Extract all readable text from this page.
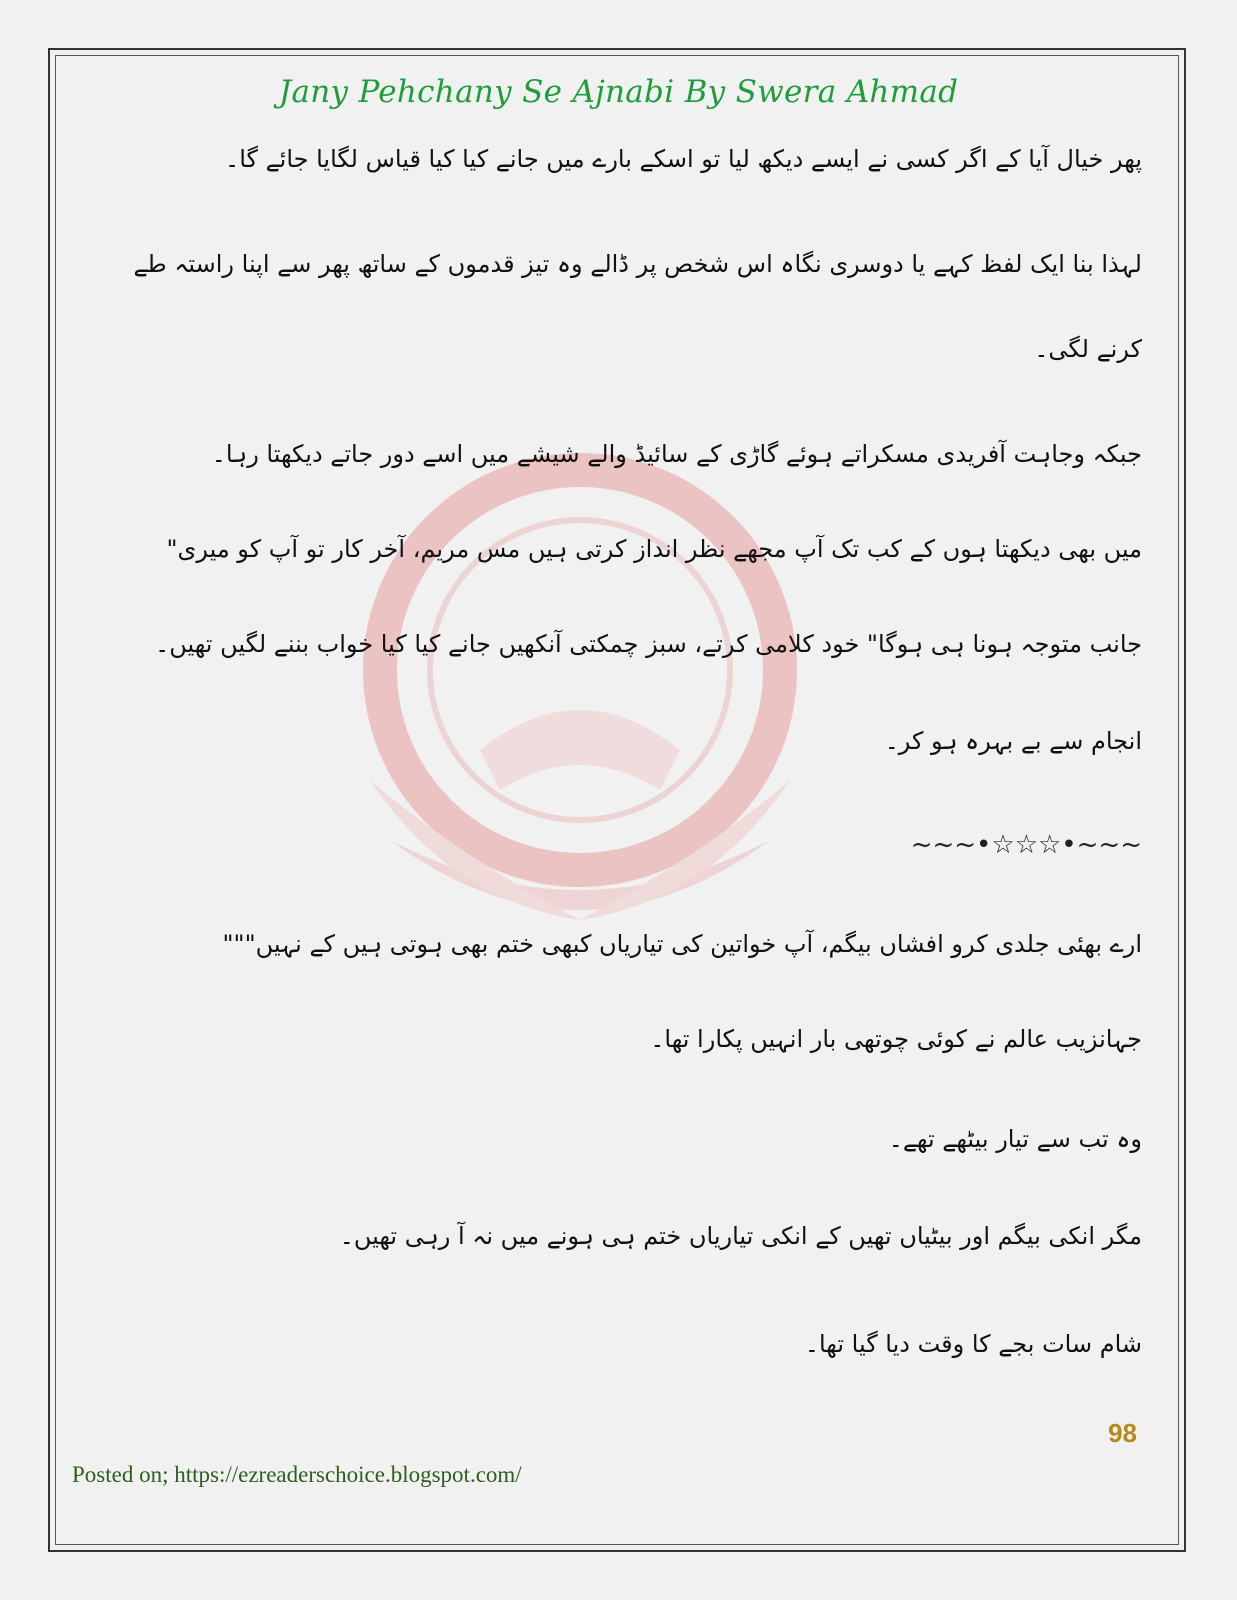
Jany Pehchany Se Ajnabi By Swera Ahmad
پھر خیال آیا کے اگر کسی نے ایسے دیکھ لیا تو اسکے بارے میں جانے کیا کیا قیاس لگایا جائے گا۔
لہذا بنا ایک لفظ کہے یا دوسری نگاہ اس شخص پر ڈالے وہ تیز قدموں کے ساتھ پھر سے اپنا راستہ طے
کرنے لگی۔
جبکہ وجاہت آفریدی مسکراتے ہوئے گاڑی کے سائیڈ والے شیشے میں اسے دور جاتے دیکھتا رہا۔
میں بھی دیکھتا ہوں کے کب تک آپ مجھے نظر انداز کرتی ہیں مس مریم، آخر کار تو آپ کو میری"
جانب متوجہ ہونا ہی ہوگا" خود کلامی کرتے، سبز چمکتی آنکھیں جانے کیا کیا خواب بننے لگیں تھیں۔
انجام سے بے بہرہ ہو کر۔
~~~•☆☆☆•~~~
ارے بھئی جلدی کرو افشاں بیگم، آپ خواتین کی تیاریاں کبھی ختم بھی ہوتی ہیں کے نہیں"""
جہانزیب عالم نے کوئی چوتھی بار انہیں پکارا تھا۔
وہ تب سے تیار بیٹھے تھے۔
مگر انکی بیگم اور بیٹیاں تھیں کے انکی تیاریاں ختم ہی ہونے میں نہ آ رہی تھیں۔
شام سات بجے کا وقت دیا گیا تھا۔
98
Posted on; https://ezreaderschoice.blogspot.com/
